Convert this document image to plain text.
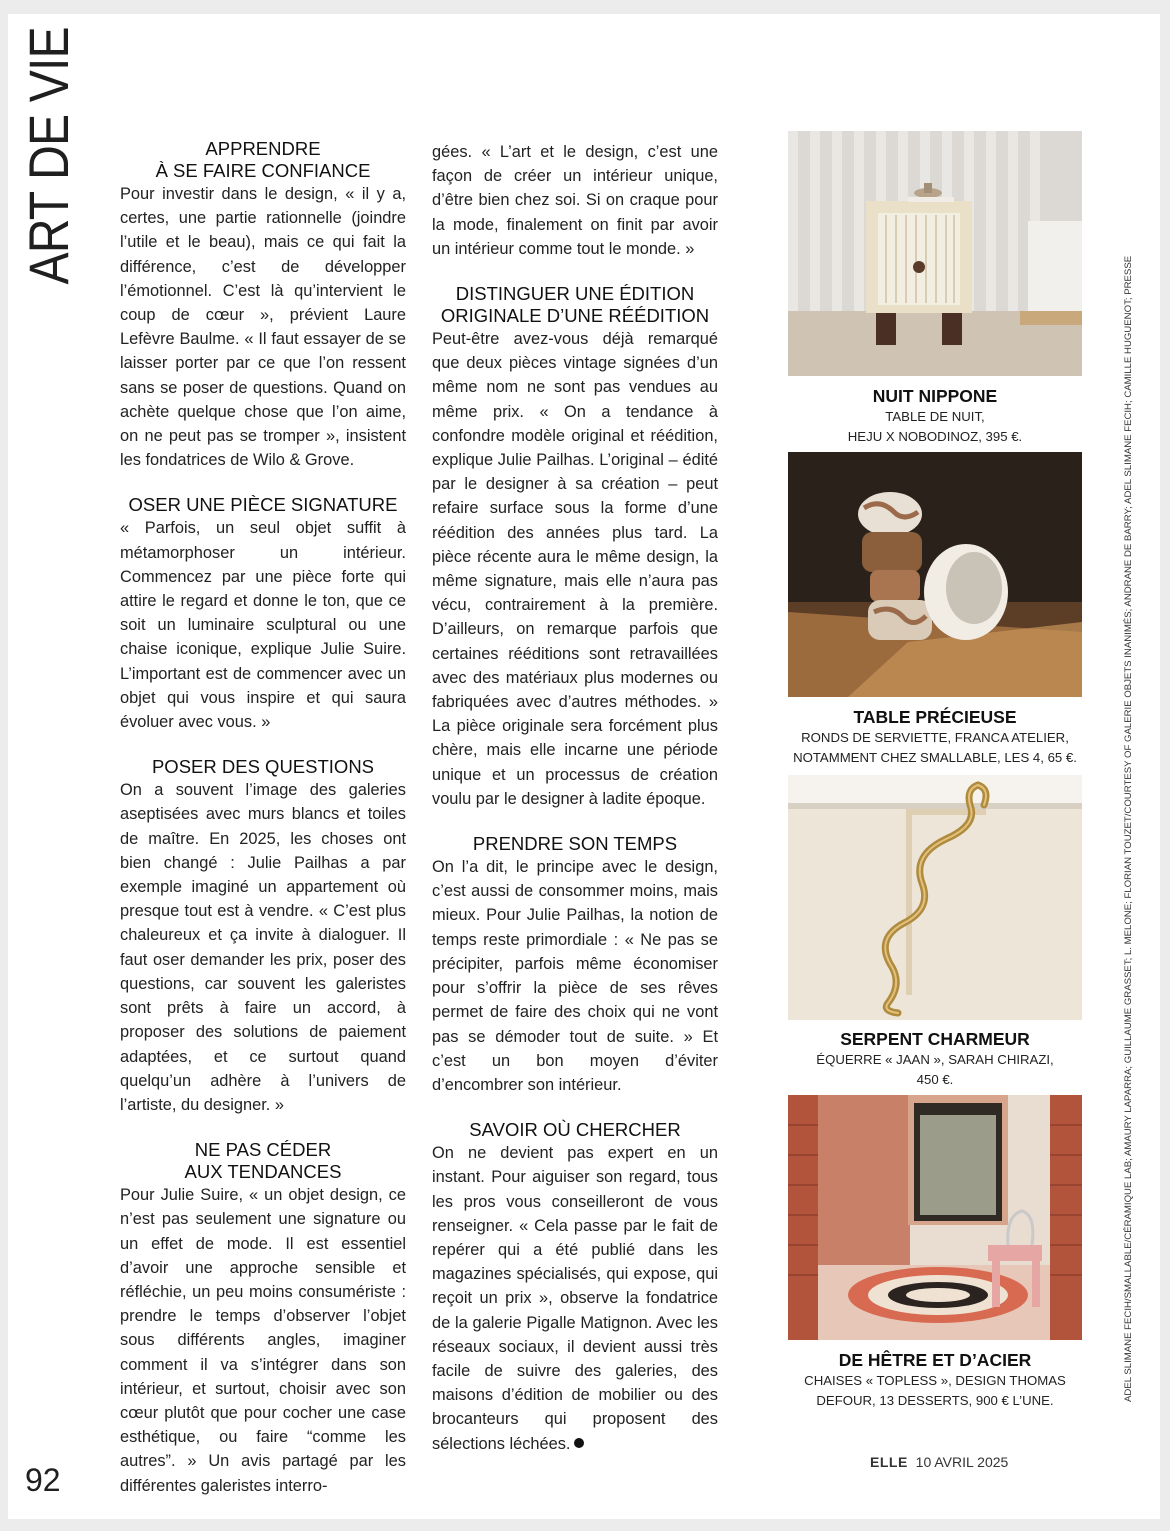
ART DE VIE	APPRENDRE
À SE FAIRE CONFIANCE

Pour investir dans le design, « il y a, certes, une partie rationnelle (joindre l’utile et le beau), mais ce qui fait la différence, c’est de développer l’émotionnel. C’est là qu’intervient le coup de cœur », prévient Laure Lefèvre Baulme. « Il faut essayer de se laisser porter par ce que l’on ressent sans se poser de questions. Quand on achète quelque chose que l’on aime, on ne peut pas se tromper », insistent les fondatrices de Wilo & Grove.

OSER UNE PIÈCE SIGNATURE

« Parfois, un seul objet suffit à métamorphoser un intérieur. Commencez par une pièce forte qui attire le regard et donne le ton, que ce soit un luminaire sculptural ou une chaise iconique, explique Julie Suire. L’important est de commencer avec un objet qui vous inspire et qui saura évoluer avec vous. »

POSER DES QUESTIONS

On a souvent l’image des galeries aseptisées avec murs blancs et toiles de maître. En 2025, les choses ont bien changé : Julie Pailhas a par exemple imaginé un appartement où presque tout est à vendre. « C’est plus chaleureux et ça invite à dialoguer. Il faut oser demander les prix, poser des questions, car souvent les galeristes sont prêts à faire un accord, à proposer des solutions de paiement adaptées, et ce surtout quand quelqu’un adhère à l’univers de l’artiste, du designer. »

NE PAS CÉDER
AUX TENDANCES

Pour Julie Suire, « un objet design, ce n’est pas seulement une signature ou un effet de mode. Il est essentiel d’avoir une approche sensible et réfléchie, un peu moins consumériste : prendre le temps d’observer l’objet sous différents angles, imaginer comment il va s’intégrer dans son intérieur, et surtout, choisir avec son cœur plutôt que pour cocher une case esthétique, ou faire “comme les autres”. » Un avis partagé par les différentes galeristes interro-

gées. « L’art et le design, c’est une façon de créer un intérieur unique, d’être bien chez soi. Si on craque pour la mode, finalement on finit par avoir un intérieur comme tout le monde. »

DISTINGUER UNE ÉDITION
ORIGINALE D’UNE RÉÉDITION

Peut-être avez-vous déjà remarqué que deux pièces vintage signées d’un même nom ne sont pas vendues au même prix. « On a tendance à confondre modèle original et réédition, explique Julie Pailhas. L’original – édité par le designer à sa création – peut refaire surface sous la forme d’une réédition des années plus tard. La pièce récente aura le même design, la même signature, mais elle n’aura pas vécu, contrairement à la première. D’ailleurs, on remarque parfois que certaines rééditions sont retravaillées avec des matériaux plus modernes ou fabriquées avec d’autres méthodes. » La pièce originale sera forcément plus chère, mais elle incarne une période unique et un processus de création voulu par le designer à ladite époque.

PRENDRE SON TEMPS

On l’a dit, le principe avec le design, c’est aussi de consommer moins, mais mieux. Pour Julie Pailhas, la notion de temps reste primordiale : « Ne pas se précipiter, parfois même économiser pour s’offrir la pièce de ses rêves permet de faire des choix qui ne vont pas se démoder tout de suite. » Et c’est un bon moyen d’éviter d’encombrer son intérieur.

SAVOIR OÙ CHERCHER

On ne devient pas expert en un instant. Pour aiguiser son regard, tous les pros vous conseilleront de vous renseigner. « Cela passe par le fait de repérer qui a été publié dans les magazines spécialisés, qui expose, qui reçoit un prix », observe la fondatrice de la galerie Pigalle Matignon. Avec les réseaux sociaux, il devient aussi très facile de suivre des galeries, des maisons d’édition de mobilier ou des brocanteurs qui proposent des sélections léchées.

NUIT NIPPONE

TABLE DE NUIT,

HEJU X NOBODINOZ, 395 €.

TABLE PRÉCIEUSE

RONDS DE SERVIETTE, FRANCA ATELIER,

NOTAMMENT CHEZ SMALLABLE, LES 4, 65 €.

SERPENT CHARMEUR

ÉQUERRE « JAAN », SARAH CHIRAZI,

450 €.

DE HÊTRE ET D’ACIER

CHAISES « TOPLESS », DESIGN THOMAS

DEFOUR, 13 DESSERTS, 900 € L’UNE.	ADEL SLIMANE FECIH/SMALLABLE/CÉRAMIQUE LAB; AMAURY LAPARRA; GUILLAUME GRASSET; L. MELONE; FLORIAN TOUZET/COURTESY OF GALERIE OBJETS INANIMÉS; ANDRANE DE BARRY; ADEL SLIMANE FECIH; CAMILLE HUGUENOT; PRESSE
92	ELLE 10 AVRIL 2025
